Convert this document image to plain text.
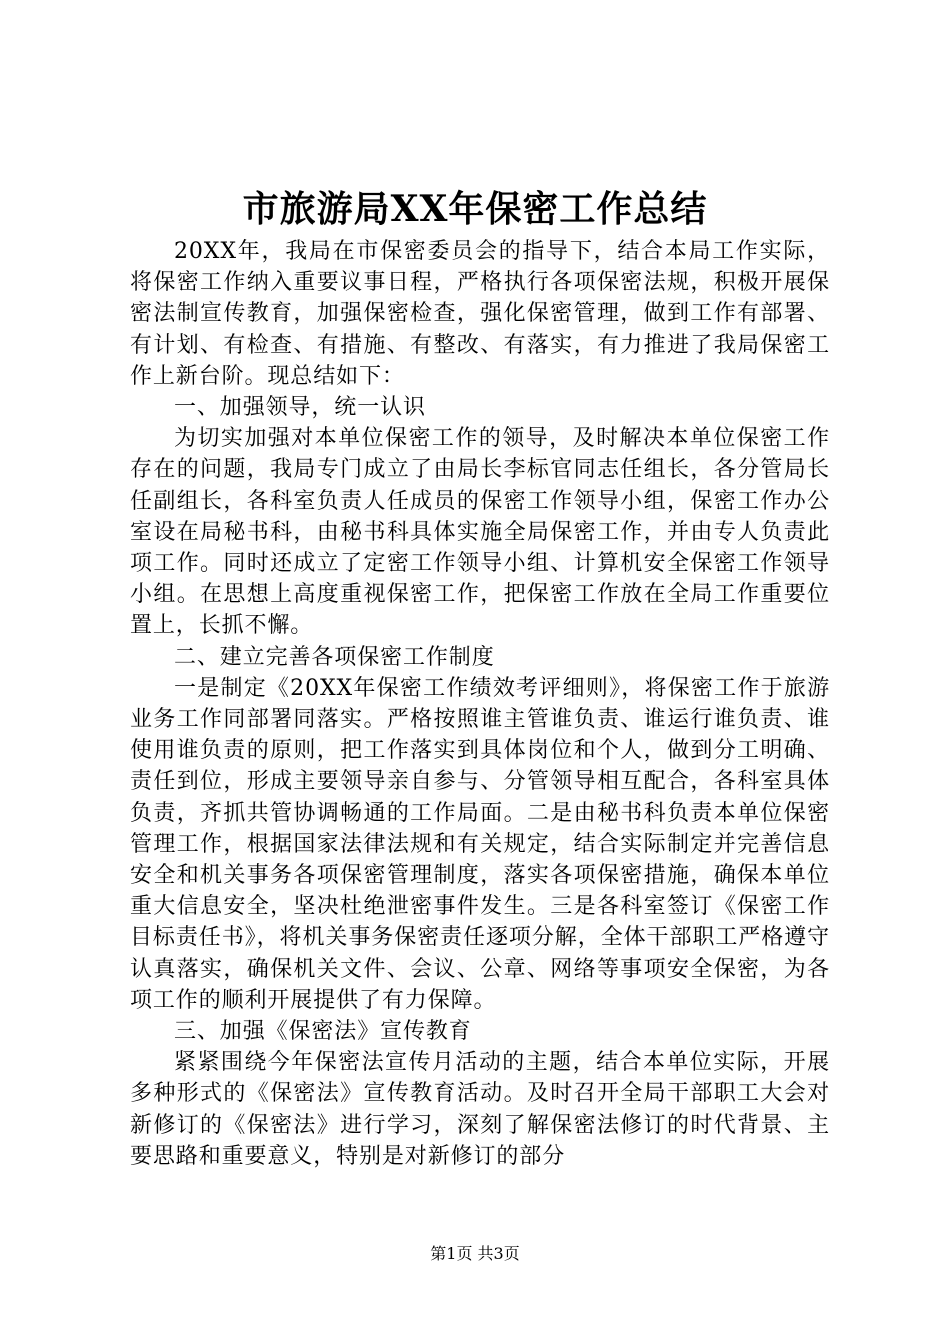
市旅游局XX年保密工作总结

20XX年，我局在市保密委员会的指导下，结合本局工作实际，将保密工作纳入重要议事日程，严格执行各项保密法规，积极开展保密法制宣传教育，加强保密检查，强化保密管理，做到工作有部署、有计划、有检查、有措施、有整改、有落实，有力推进了我局保密工作上新台阶。现总结如下：

一、加强领导，统一认识

为切实加强对本单位保密工作的领导，及时解决本单位保密工作存在的问题，我局专门成立了由局长李标官同志任组长，各分管局长任副组长，各科室负责人任成员的保密工作领导小组，保密工作办公室设在局秘书科，由秘书科具体实施全局保密工作，并由专人负责此项工作。同时还成立了定密工作领导小组、计算机安全保密工作领导小组。在思想上高度重视保密工作，把保密工作放在全局工作重要位置上，长抓不懈。

二、建立完善各项保密工作制度

一是制定《20XX年保密工作绩效考评细则》，将保密工作于旅游业务工作同部署同落实。严格按照谁主管谁负责、谁运行谁负责、谁使用谁负责的原则，把工作落实到具体岗位和个人，做到分工明确、责任到位，形成主要领导亲自参与、分管领导相互配合，各科室具体负责，齐抓共管协调畅通的工作局面。二是由秘书科负责本单位保密管理工作，根据国家法律法规和有关规定，结合实际制定并完善信息安全和机关事务各项保密管理制度，落实各项保密措施，确保本单位重大信息安全，坚决杜绝泄密事件发生。三是各科室签订《保密工作目标责任书》，将机关事务保密责任逐项分解，全体干部职工严格遵守认真落实，确保机关文件、会议、公章、网络等事项安全保密，为各项工作的顺利开展提供了有力保障。

三、加强《保密法》宣传教育

紧紧围绕今年保密法宣传月活动的主题，结合本单位实际，开展多种形式的《保密法》宣传教育活动。及时召开全局干部职工大会对新修订的《保密法》进行学习，深刻了解保密法修订的时代背景、主要思路和重要意义，特别是对新修订的部分

第1页 共3页
